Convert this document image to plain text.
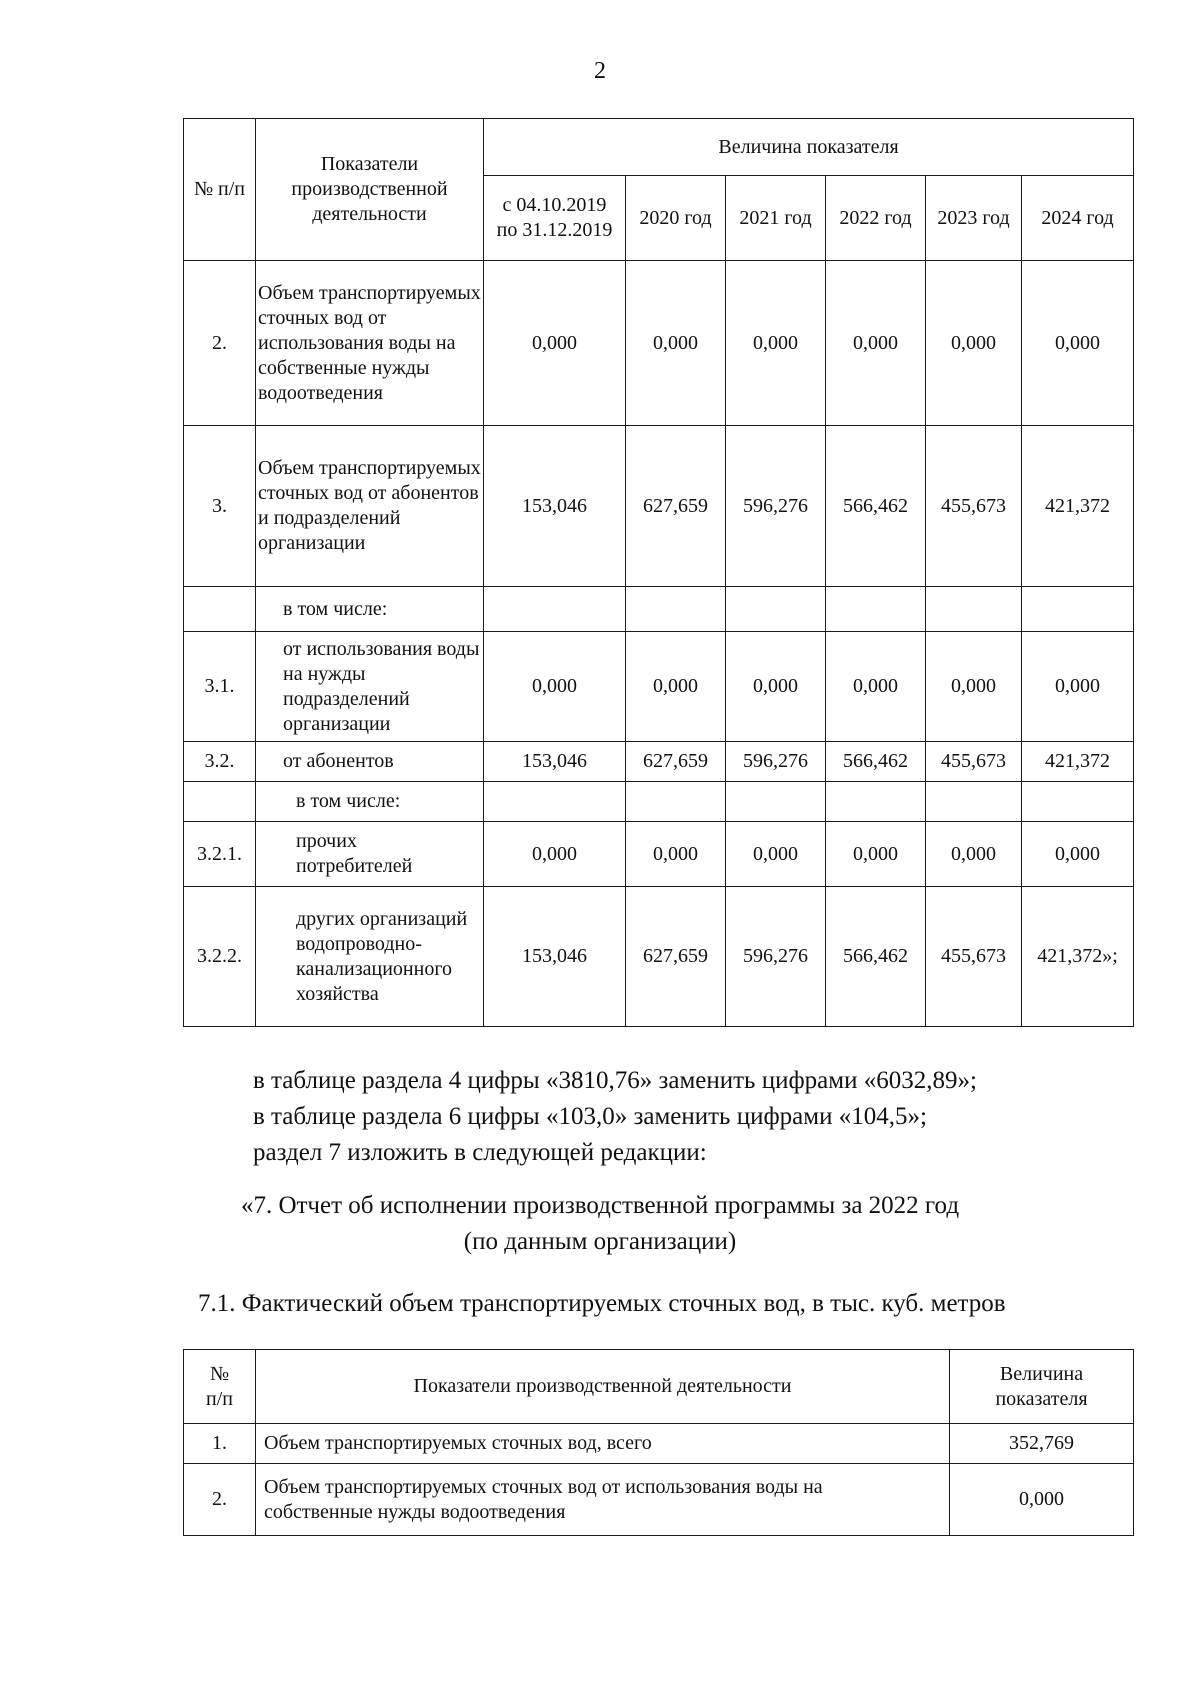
2
№ п/п	Показатели производственной деятельности	Величина показателя					

		с 04.10.2019 по 31.12.2019	2020 год	2021 год	2022 год	2023 год	2024 год
2.	Объем транспортируемых сточных вод от использования воды на собственные нужды водоотведения	0,000	0,000	0,000	0,000	0,000	0,000
3.	Объем транспортируемых сточных вод от абонентов и подразделений организации	153,046	627,659	596,276	566,462	455,673	421,372
	в том числе:						
3.1.	от использования воды на нужды подразделений организации	0,000	0,000	0,000	0,000	0,000	0,000
3.2.	от абонентов	153,046	627,659	596,276	566,462	455,673	421,372
	в том числе:						
3.2.1.	прочих потребителей	0,000	0,000	0,000	0,000	0,000	0,000
3.2.2.	других организаций водопроводно-канализационного хозяйства	153,046	627,659	596,276	566,462	455,673	421,372»;
в таблице раздела 4 цифры «3810,76» заменить цифрами «6032,89»;
в таблице раздела 6 цифры «103,0» заменить цифрами «104,5»;
раздел 7 изложить в следующей редакции:
«7. Отчет об исполнении производственной программы за 2022 год
(по данным организации)
7.1. Фактический объем транспортируемых сточных вод, в тыс. куб. метров
№ п/п	Показатели производственной деятельности	Величина показателя

1.	Объем транспортируемых сточных вод, всего	352,769
2.	Объем транспортируемых сточных вод от использования воды на собственные нужды водоотведения	0,000
